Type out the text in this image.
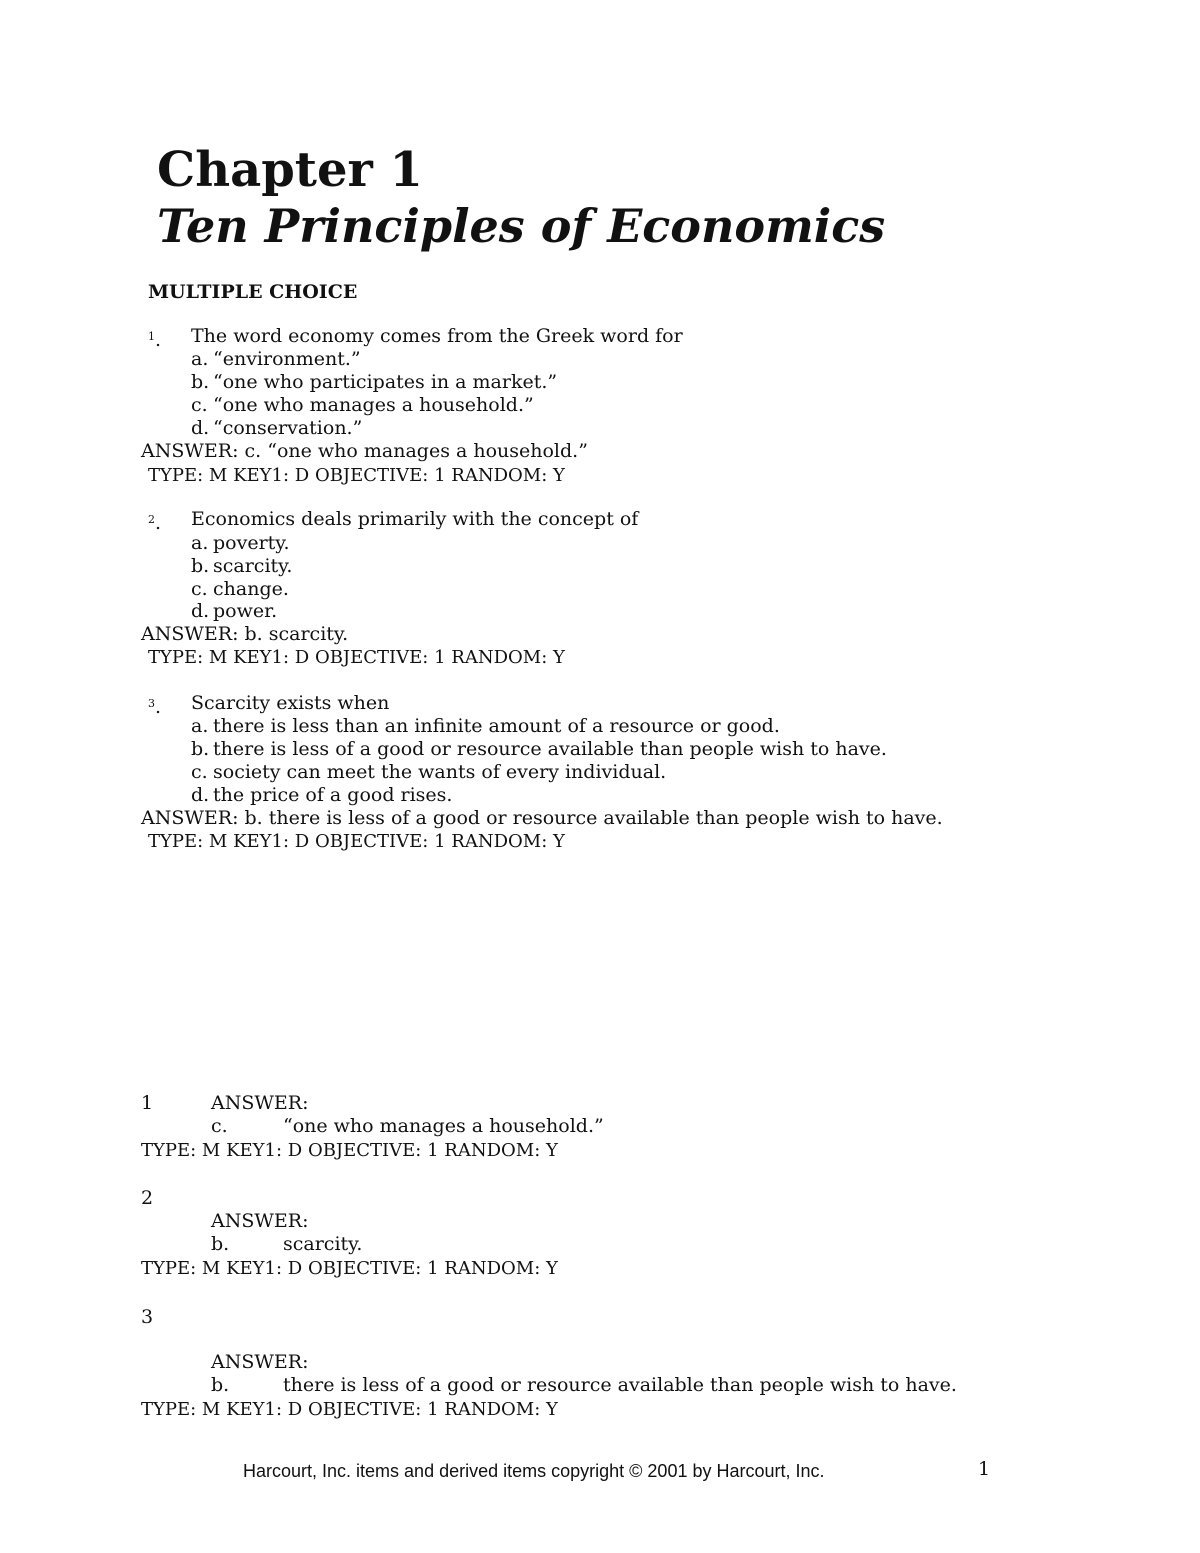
Chapter 1
Ten Principles of Economics
MULTIPLE CHOICE
$^1$. The word economy comes from the Greek word for
a. “environment.”
b. “one who participates in a market.”
c. “one who manages a household.”
d. “conservation.”
ANSWER: c. “one who manages a household.”
TYPE: M KEY1: D OBJECTIVE: 1 RANDOM: Y
$^2$. Economics deals primarily with the concept of
a. poverty.
b. scarcity.
c. change.
d. power.
ANSWER: b. scarcity.
TYPE: M KEY1: D OBJECTIVE: 1 RANDOM: Y
$^3$. Scarcity exists when
a. there is less than an infinite amount of a resource or good.
b. there is less of a good or resource available than people wish to have.
c. society can meet the wants of every individual.
d. the price of a good rises.
ANSWER: b. there is less of a good or resource available than people wish to have.
TYPE: M KEY1: D OBJECTIVE: 1 RANDOM: Y
1	ANSWER:
c.	“one who manages a household.”
TYPE: M KEY1: D OBJECTIVE: 1 RANDOM: Y
2
ANSWER:
b.	scarcity.
TYPE: M KEY1: D OBJECTIVE: 1 RANDOM: Y
3
ANSWER:
b.	there is less of a good or resource available than people wish to have.
TYPE: M KEY1: D OBJECTIVE: 1 RANDOM: Y
Harcourt, Inc. items and derived items copyright © 2001 by Harcourt, Inc.	1
